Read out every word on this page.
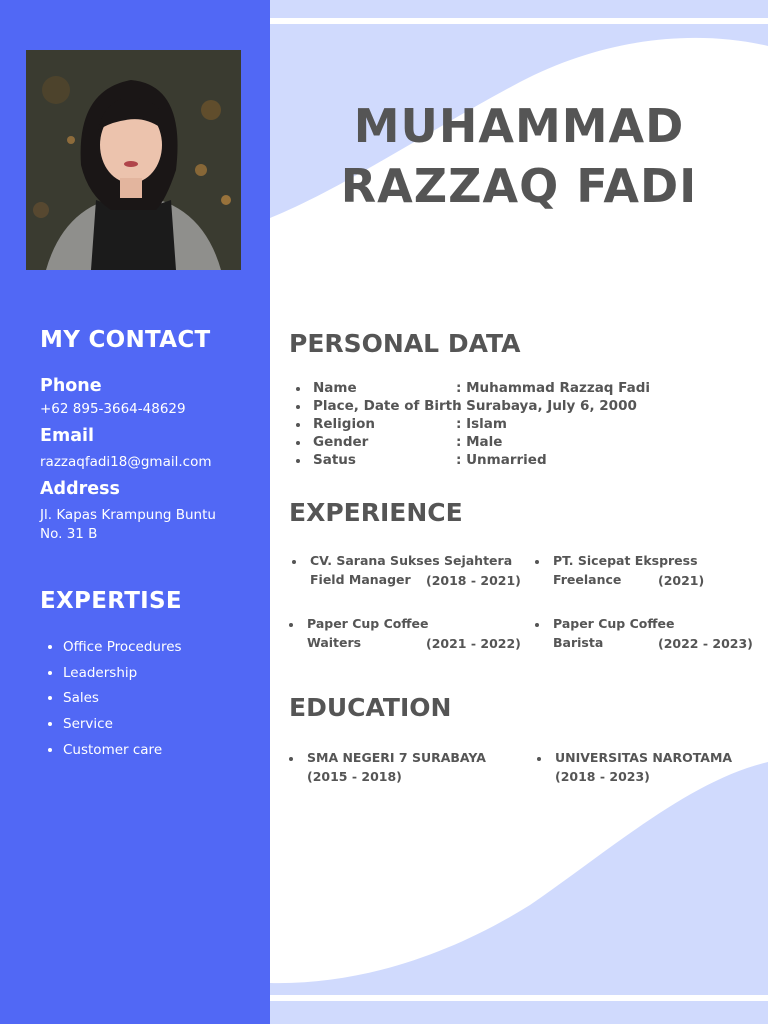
MY CONTACT
Phone
+62 895-3664-48629
Email
razzaqfadi18@gmail.com
Address
Jl. Kapas Krampung Buntu
No. 31 B
EXPERTISE
Office Procedures
Leadership
Sales
Service
Customer care
MUHAMMAD
RAZZAQ FADI
PERSONAL DATA
Name	: Muhammad Razzaq Fadi
Place, Date of Birth
: Surabaya, July 6, 2000
Religion	: Islam
Gender	: Male
Satus	: Unmarried
EXPERIENCE
CV. Sarana Sukses Sejahtera
Field Manager (2018 - 2021)
PT. Sicepat Ekspress
Freelance	(2021)
Paper Cup Coffee
Waiters	(2021 - 2022)
Paper Cup Coffee
Barista	(2022 - 2023)
EDUCATION
SMA NEGERI 7 SURABAYA
(2015 - 2018)
UNIVERSITAS NAROTAMA
(2018 - 2023)
